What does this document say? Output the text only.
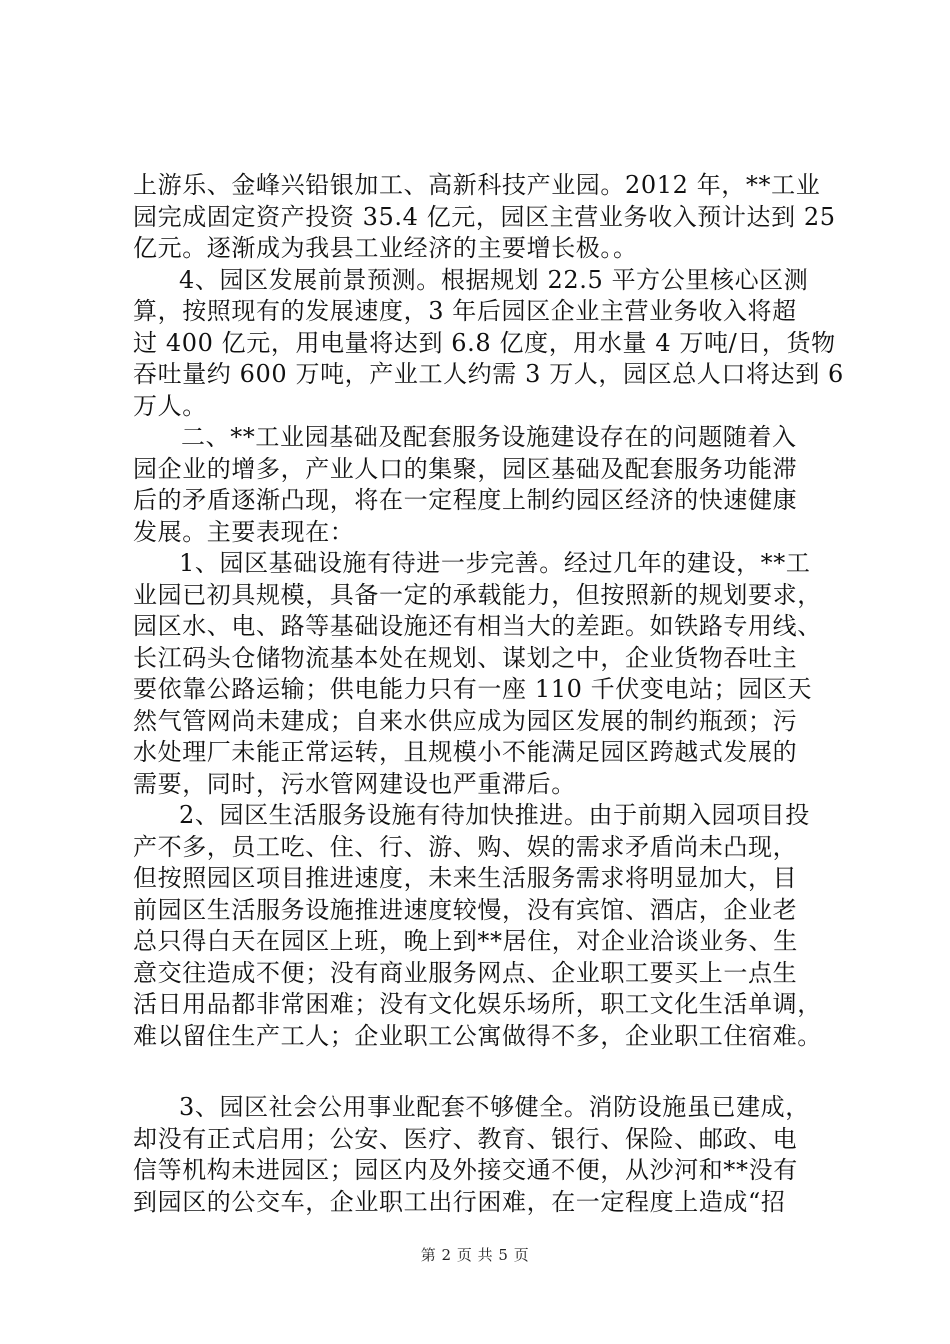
上游乐、金峰兴铅银加工、高新科技产业园。2012 年，**工业
园完成固定资产投资 35.4 亿元，园区主营业务收入预计达到 25
亿元。逐渐成为我县工业经济的主要增长极。。
4、园区发展前景预测。根据规划 22.5 平方公里核心区测
算，按照现有的发展速度，3 年后园区企业主营业务收入将超
过 400 亿元，用电量将达到 6.8 亿度，用水量 4 万吨/日，货物
吞吐量约 600 万吨，产业工人约需 3 万人，园区总人口将达到 6
万人。
二、**工业园基础及配套服务设施建设存在的问题随着入
园企业的增多，产业人口的集聚，园区基础及配套服务功能滞
后的矛盾逐渐凸现，将在一定程度上制约园区经济的快速健康
发展。主要表现在：
1、园区基础设施有待进一步完善。经过几年的建设，**工
业园已初具规模，具备一定的承载能力，但按照新的规划要求，
园区水、电、路等基础设施还有相当大的差距。如铁路专用线、
长江码头仓储物流基本处在规划、谋划之中，企业货物吞吐主
要依靠公路运输；供电能力只有一座 110 千伏变电站；园区天
然气管网尚未建成；自来水供应成为园区发展的制约瓶颈；污
水处理厂未能正常运转，且规模小不能满足园区跨越式发展的
需要，同时，污水管网建设也严重滞后。
2、园区生活服务设施有待加快推进。由于前期入园项目投
产不多，员工吃、住、行、游、购、娱的需求矛盾尚未凸现，
但按照园区项目推进速度，未来生活服务需求将明显加大，目
前园区生活服务设施推进速度较慢，没有宾馆、酒店，企业老
总只得白天在园区上班，晚上到**居住，对企业洽谈业务、生
意交往造成不便；没有商业服务网点、企业职工要买上一点生
活日用品都非常困难；没有文化娱乐场所，职工文化生活单调，
难以留住生产工人；企业职工公寓做得不多，企业职工住宿难。
3、园区社会公用事业配套不够健全。消防设施虽已建成，
却没有正式启用；公安、医疗、教育、银行、保险、邮政、电
信等机构未进园区；园区内及外接交通不便，从沙河和**没有
到园区的公交车，企业职工出行困难，在一定程度上造成“招
第 2 页 共 5 页
